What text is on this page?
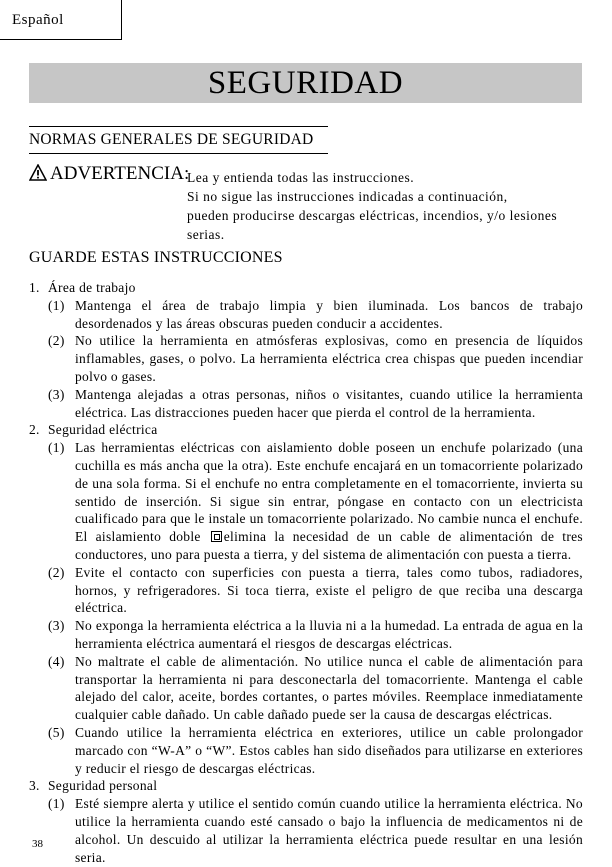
Español
SEGURIDAD
NORMAS GENERALES DE SEGURIDAD
ADVERTENCIA:
Lea y entienda todas las instrucciones.
Si no sigue las instrucciones indicadas a continuación,
pueden producirse descargas eléctricas, incendios, y/o lesiones
serias.
GUARDE ESTAS INSTRUCCIONES
1. Área de trabajo
(1) Mantenga el área de trabajo limpia y bien iluminada. Los bancos de trabajo desordenados y las áreas obscuras pueden conducir a accidentes.
(2) No utilice la herramienta en atmósferas explosivas, como en presencia de líquidos inflamables, gases, o polvo. La herramienta eléctrica crea chispas que pueden incendiar polvo o gases.
(3) Mantenga alejadas a otras personas, niños o visitantes, cuando utilice la herramienta eléctrica. Las distracciones pueden hacer que pierda el control de la herramienta.
2. Seguridad eléctrica
(1) Las herramientas eléctricas con aislamiento doble poseen un enchufe polarizado (una cuchilla es más ancha que la otra). Este enchufe encajará en un tomacorriente polarizado de una sola forma. Si el enchufe no entra completamente en el tomacorriente, invierta su sentido de inserción. Si sigue sin entrar, póngase en contacto con un electricista cualificado para que le instale un tomacorriente polarizado. No cambie nunca el enchufe. El aislamiento doble elimina la necesidad de un cable de alimentación de tres conductores, uno para puesta a tierra, y del sistema de alimentación con puesta a tierra.
(2) Evite el contacto con superficies con puesta a tierra, tales como tubos, radiadores, hornos, y refrigeradores. Si toca tierra, existe el peligro de que reciba una descarga eléctrica.
(3) No exponga la herramienta eléctrica a la lluvia ni a la humedad. La entrada de agua en la herramienta eléctrica aumentará el riesgos de descargas eléctricas.
(4) No maltrate el cable de alimentación. No utilice nunca el cable de alimentación para transportar la herramienta ni para desconectarla del tomacorriente. Mantenga el cable alejado del calor, aceite, bordes cortantes, o partes móviles. Reemplace inmediatamente cualquier cable dañado. Un cable dañado puede ser la causa de descargas eléctricas.
(5) Cuando utilice la herramienta eléctrica en exteriores, utilice un cable prolongador marcado con “W-A” o “W”. Estos cables han sido diseñados para utilizarse en exteriores y reducir el riesgo de descargas eléctricas.
3. Seguridad personal
(1) Esté siempre alerta y utilice el sentido común cuando utilice la herramienta eléctrica. No utilice la herramienta cuando esté cansado o bajo la influencia de medicamentos ni de alcohol. Un descuido al utilizar la herramienta eléctrica puede resultar en una lesión seria.
38
